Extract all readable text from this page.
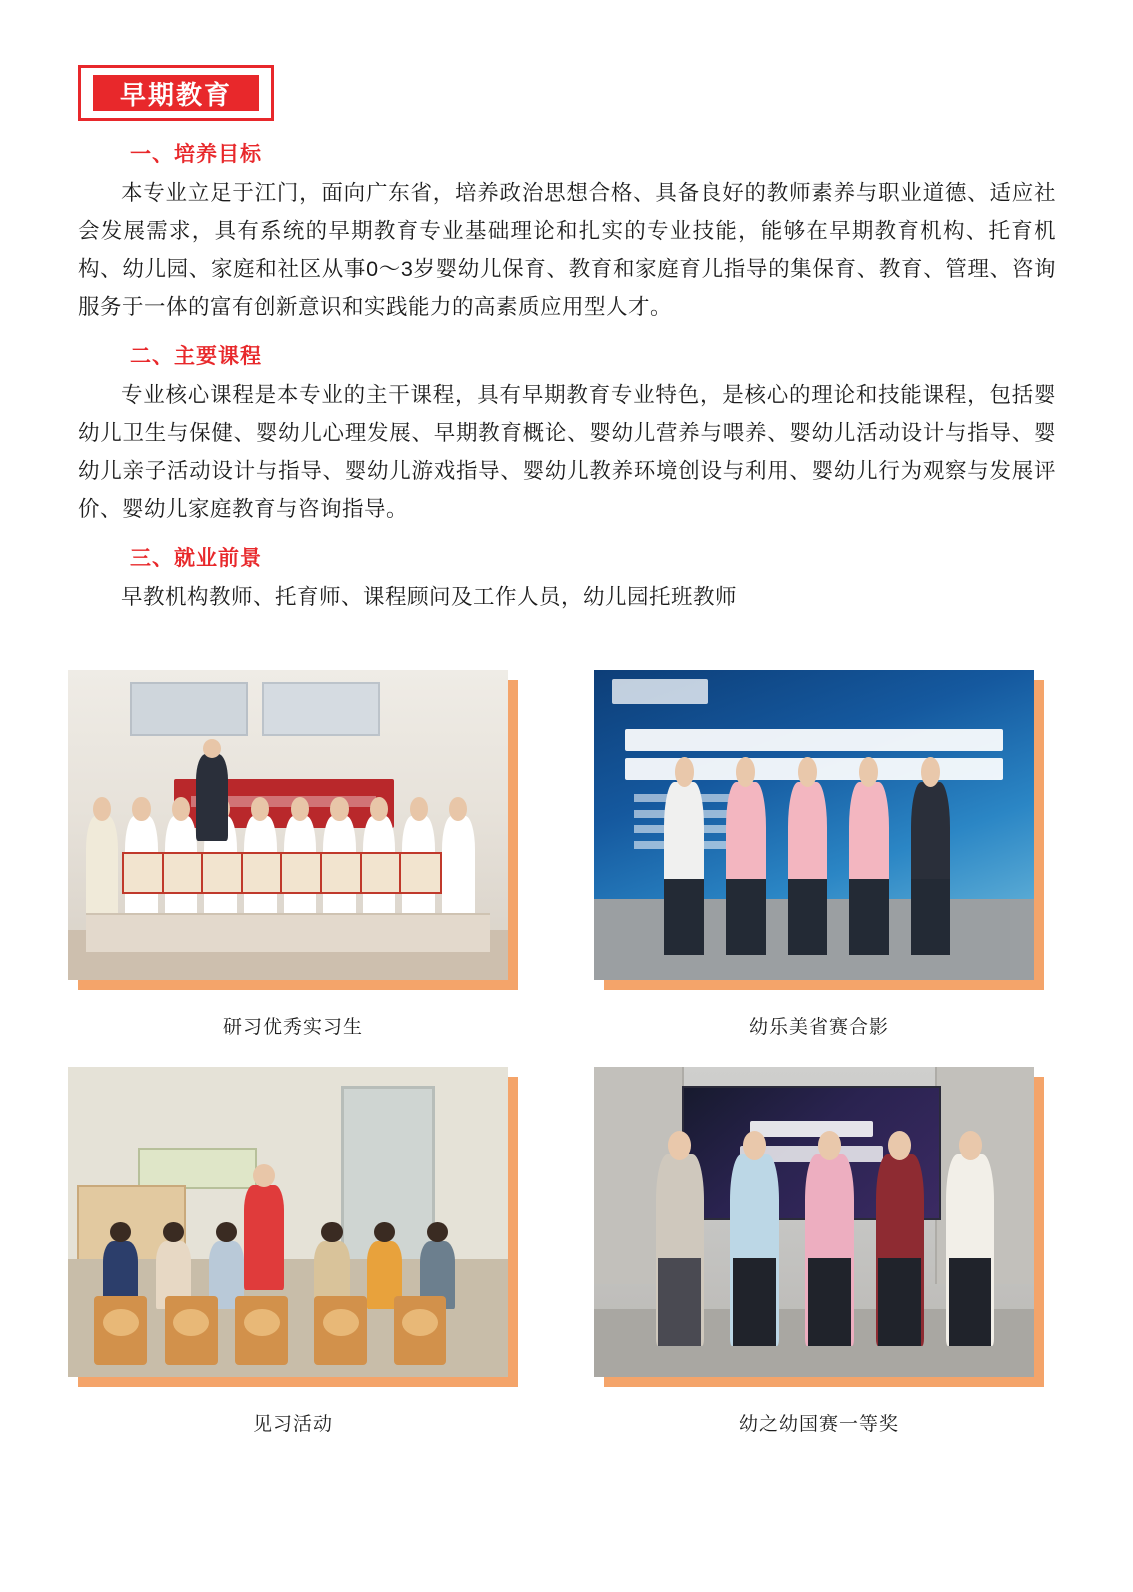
早期教育
一、培养目标

本专业立足于江门，面向广东省，培养政治思想合格、具备良好的教师素养与职业道德、适应社会发展需求，具有系统的早期教育专业基础理论和扎实的专业技能，能够在早期教育机构、托育机构、幼儿园、家庭和社区从事0～3岁婴幼儿保育、教育和家庭育儿指导的集保育、教育、管理、咨询服务于一体的富有创新意识和实践能力的高素质应用型人才。

二、主要课程

专业核心课程是本专业的主干课程，具有早期教育专业特色，是核心的理论和技能课程，包括婴幼儿卫生与保健、婴幼儿心理发展、早期教育概论、婴幼儿营养与喂养、婴幼儿活动设计与指导、婴幼儿亲子活动设计与指导、婴幼儿游戏指导、婴幼儿教养环境创设与利用、婴幼儿行为观察与发展评价、婴幼儿家庭教育与咨询指导。

三、就业前景

早教机构教师、托育师、课程顾问及工作人员，幼儿园托班教师

研习优秀实习生	幼乐美省赛合影
见习活动	幼之幼国赛一等奖
